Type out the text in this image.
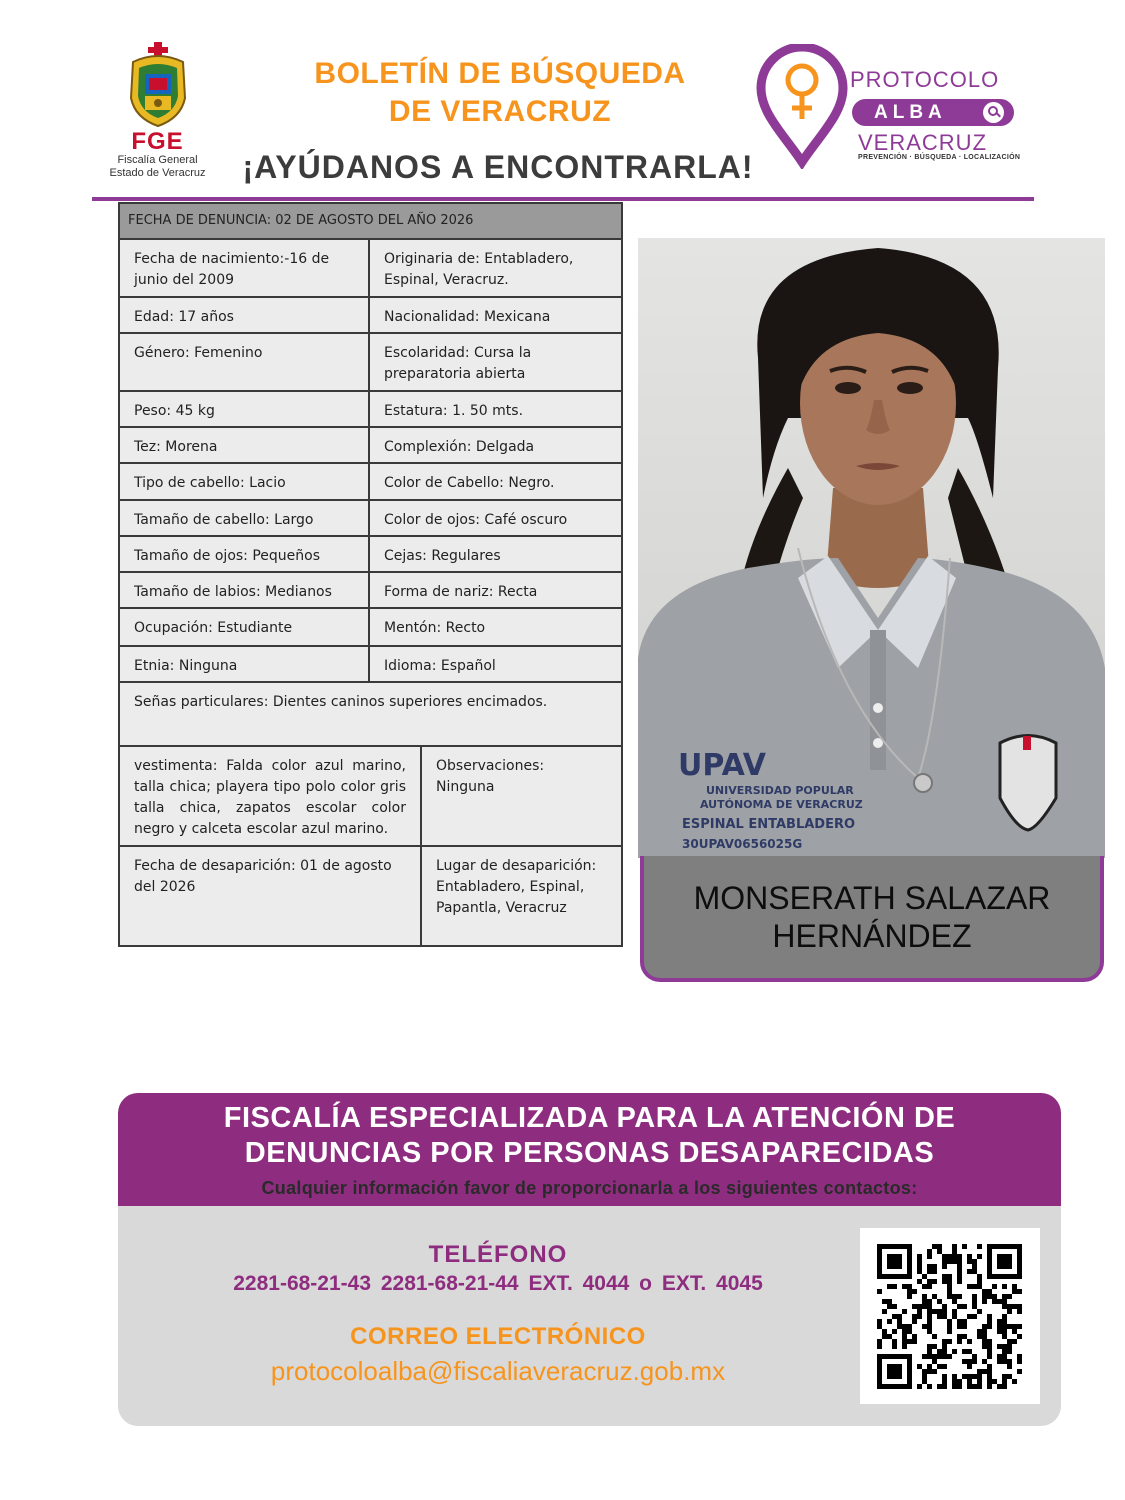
FGE
Fiscalía General
Estado de Veracruz
BOLETÍN DE BÚSQUEDA
DE VERACRUZ
¡AYÚDANOS A ENCONTRARLA!
PROTOCOLO
ALBA
VERACRUZ
PREVENCIÓN · BÚSQUEDA · LOCALIZACIÓN
FECHA DE DENUNCIA: 02 DE AGOSTO DEL AÑO 2026		
Fecha de nacimiento:-16 de junio del 2009	Originaria de: Entabladero, Espinal, Veracruz.	
Edad: 17 años	Nacionalidad: Mexicana	
Género: Femenino	Escolaridad: Cursa la preparatoria abierta	
Peso: 45 kg	Estatura: 1. 50 mts.	
Tez: Morena	Complexión: Delgada	
Tipo de cabello: Lacio	Color de Cabello: Negro.	
Tamaño de cabello: Largo	Color de ojos: Café oscuro	
Tamaño de ojos: Pequeños	Cejas: Regulares	
Tamaño de labios: Medianos	Forma de nariz: Recta	
Ocupación: Estudiante	Mentón: Recto	
Etnia: Ninguna	Idioma: Español	
Señas particulares: Dientes caninos superiores encimados.		
vestimenta: Falda color azul marino, talla chica; playera tipo polo color gris talla chica, zapatos escolar color negro y calceta escolar azul marino.		Observaciones:
Ninguna

Fecha de desaparición: 01 de agosto del 2026		Lugar de desaparición:
Entabladero, Espinal, Papantla, Veracruz
UPAV
UNIVERSIDAD POPULAR
AUTÓNOMA DE VERACRUZ
ESPINAL ENTABLADERO
30UPAV0656025G
MONSERATH SALAZAR
HERNÁNDEZ
FISCALÍA ESPECIALIZADA PARA LA ATENCIÓN DE
DENUNCIAS POR PERSONAS DESAPARECIDAS
Cualquier información favor de proporcionarla a los siguientes contactos:
TELÉFONO
2281-68-21-43 2281-68-21-44 EXT. 4044 o EXT. 4045
CORREO ELECTRÓNICO
protocoloalba@fiscaliaveracruz.gob.mx
